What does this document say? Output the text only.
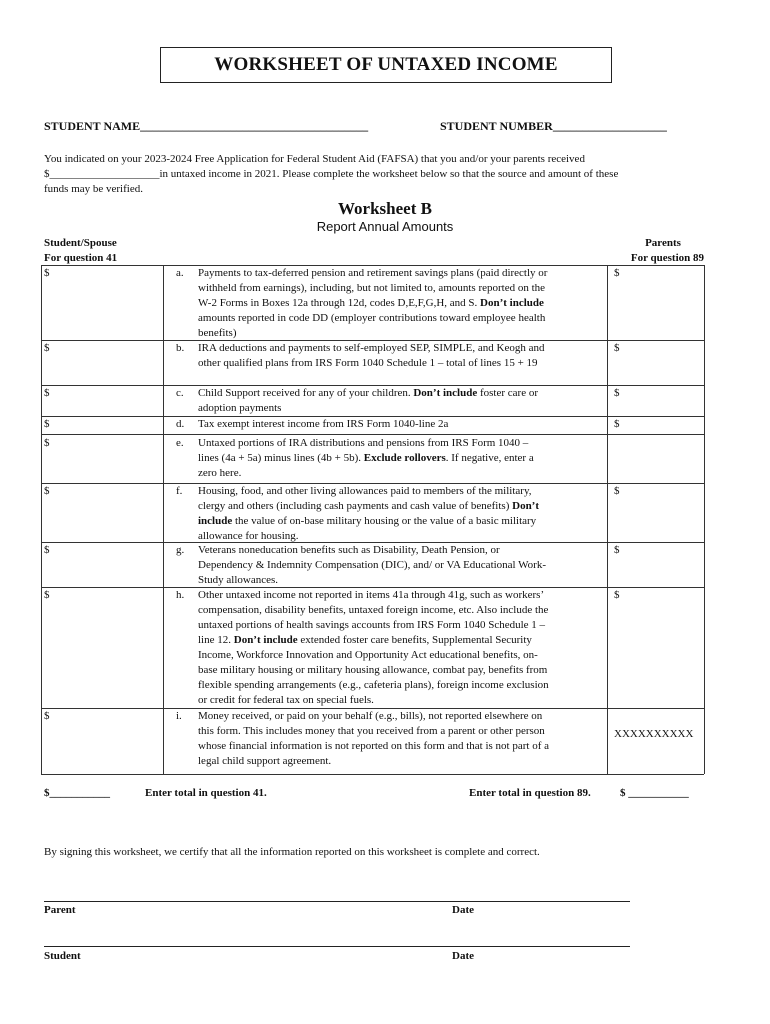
WORKSHEET OF UNTAXED INCOME
STUDENT NAME______________________________________	STUDENT NUMBER___________________
You indicated on your 2023-2024 Free Application for Federal Student Aid (FAFSA) that you and/or your parents received
$____________________in untaxed income in 2021. Please complete the worksheet below so that the source and amount of these
funds may be verified.
Worksheet B
Report Annual Amounts
Student/Spouse
For question 41
Parents
For question 89
$	a. Payments to tax-deferred pension and retirement savings plans (paid directly or
withheld from earnings), including, but not limited to, amounts reported on the
W-2 Forms in Boxes 12a through 12d, codes D,E,F,G,H, and S. Don’t include
amounts reported in code DD (employer contributions toward employee health
benefits)
$
$	b. IRA deductions and payments to self-employed SEP, SIMPLE, and Keogh and
other qualified plans from IRS Form 1040 Schedule 1 – total of lines 15 + 19
$
$	c. Child Support received for any of your children. Don’t include foster care or
adoption payments
$
$	d. Tax exempt interest income from IRS Form 1040-line 2a	$
$	e. Untaxed portions of IRA distributions and pensions from IRS Form 1040 –
lines (4a + 5a) minus lines (4b + 5b). Exclude rollovers. If negative, enter a
zero here.
$	f. Housing, food, and other living allowances paid to members of the military,
clergy and others (including cash payments and cash value of benefits) Don’t
include the value of on-base military housing or the value of a basic military
allowance for housing.
$
$	g. Veterans noneducation benefits such as Disability, Death Pension, or
Dependency & Indemnity Compensation (DIC), and/ or VA Educational Work-
Study allowances.
$
$	h. Other untaxed income not reported in items 41a through 41g, such as workers’
compensation, disability benefits, untaxed foreign income, etc. Also include the
untaxed portions of health savings accounts from IRS Form 1040 Schedule 1 –
line 12. Don’t include extended foster care benefits, Supplemental Security
Income, Workforce Innovation and Opportunity Act educational benefits, on-
base military housing or military housing allowance, combat pay, benefits from
flexible spending arrangements (e.g., cafeteria plans), foreign income exclusion
or credit for federal tax on special fuels.
$
$	i. Money received, or paid on your behalf (e.g., bills), not reported elsewhere on
this form. This includes money that you received from a parent or other person
whose financial information is not reported on this form and that is not part of a
legal child support agreement.
XXXXXXXXXX
$___________	Enter total in question 41.	Enter total in question 89.	$ ___________
By signing this worksheet, we certify that all the information reported on this worksheet is complete and correct.
Parent	Date
Student	Date
